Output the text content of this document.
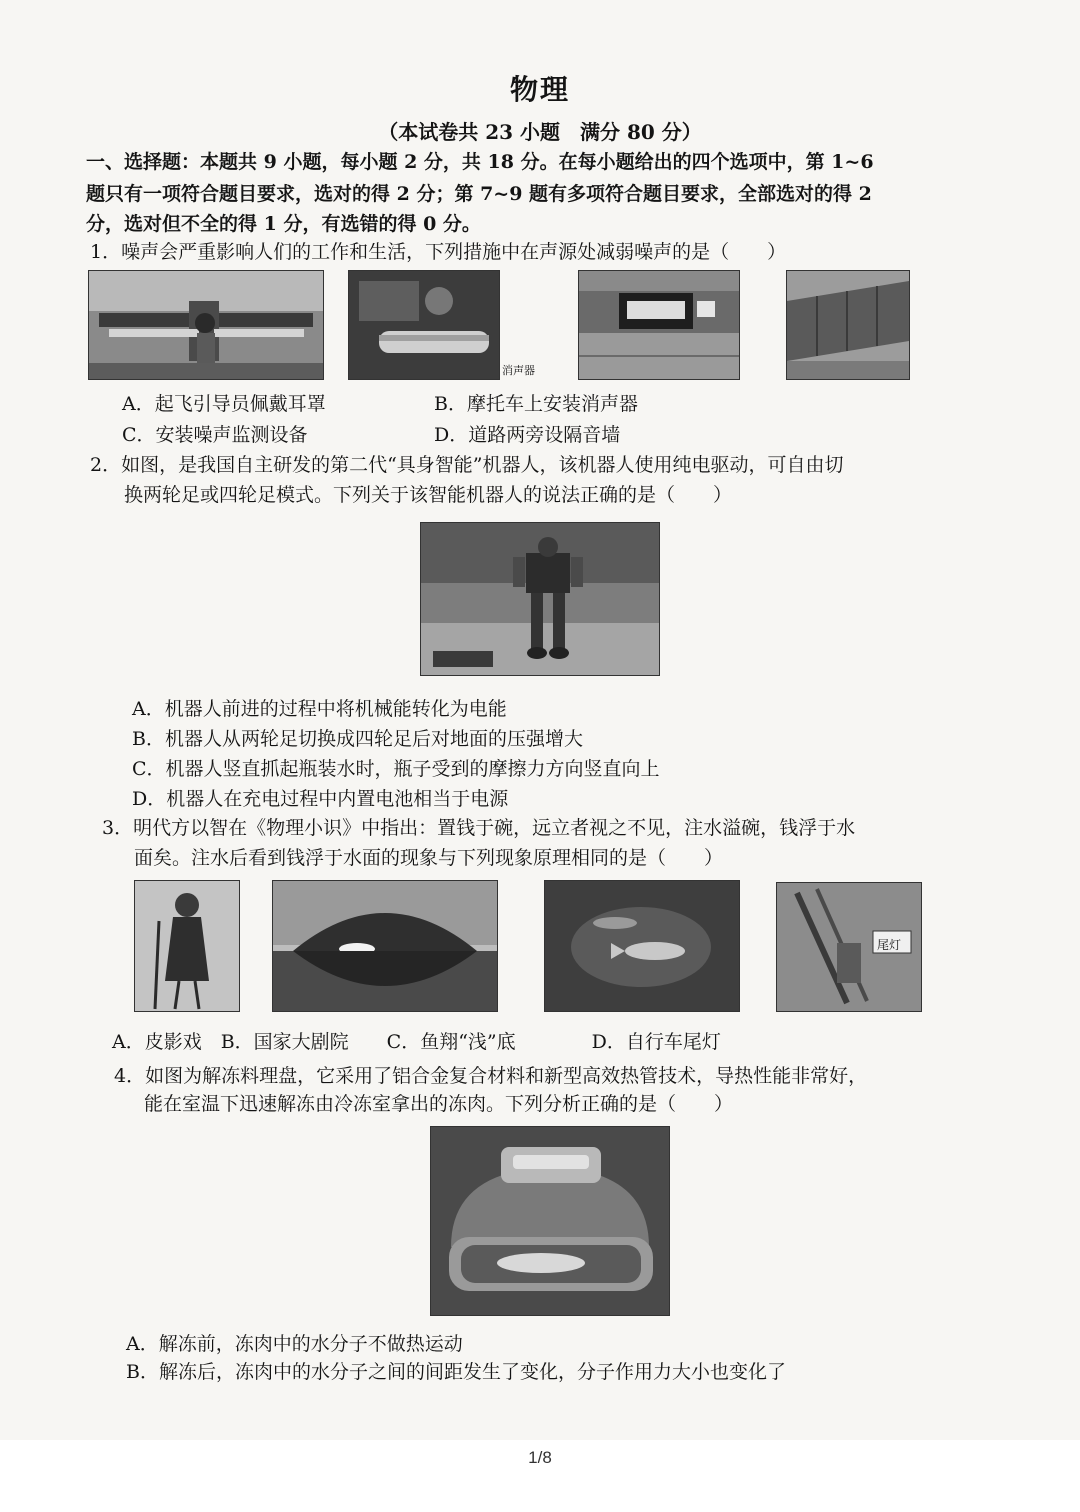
物理
（本试卷共 23 小题　满分 80 分）
一、选择题：本题共 9 小题，每小题 2 分，共 18 分。在每小题给出的四个选项中，第 1~6
题只有一项符合题目要求，选对的得 2 分；第 7~9 题有多项符合题目要求，全部选对的得 2
分，选对但不全的得 1 分，有选错的得 0 分。
1．噪声会严重影响人们的工作和生活，下列措施中在声源处减弱噪声的是（　　）
消声器
A．起飞引导员佩戴耳罩	B．摩托车上安装消声器
C．安装噪声监测设备	D．道路两旁设隔音墙
2．如图，是我国自主研发的第二代“具身智能”机器人，该机器人使用纯电驱动，可自由切
换两轮足或四轮足模式。下列关于该智能机器人的说法正确的是（　　）
A．机器人前进的过程中将机械能转化为电能
B．机器人从两轮足切换成四轮足后对地面的压强增大
C．机器人竖直抓起瓶装水时，瓶子受到的摩擦力方向竖直向上
D．机器人在充电过程中内置电池相当于电源
3．明代方以智在《物理小识》中指出：置钱于碗，远立者视之不见，注水溢碗，钱浮于水
面矣。注水后看到钱浮于水面的现象与下列现象原理相同的是（　　）
尾灯
A．皮影戏　B．国家大剧院　　C．鱼翔“浅”底　　　　D．自行车尾灯
4．如图为解冻料理盘，它采用了铝合金复合材料和新型高效热管技术，导热性能非常好，
能在室温下迅速解冻由冷冻室拿出的冻肉。下列分析正确的是（　　）
A．解冻前，冻肉中的水分子不做热运动
B．解冻后，冻肉中的水分子之间的间距发生了变化，分子作用力大小也变化了
1/8
